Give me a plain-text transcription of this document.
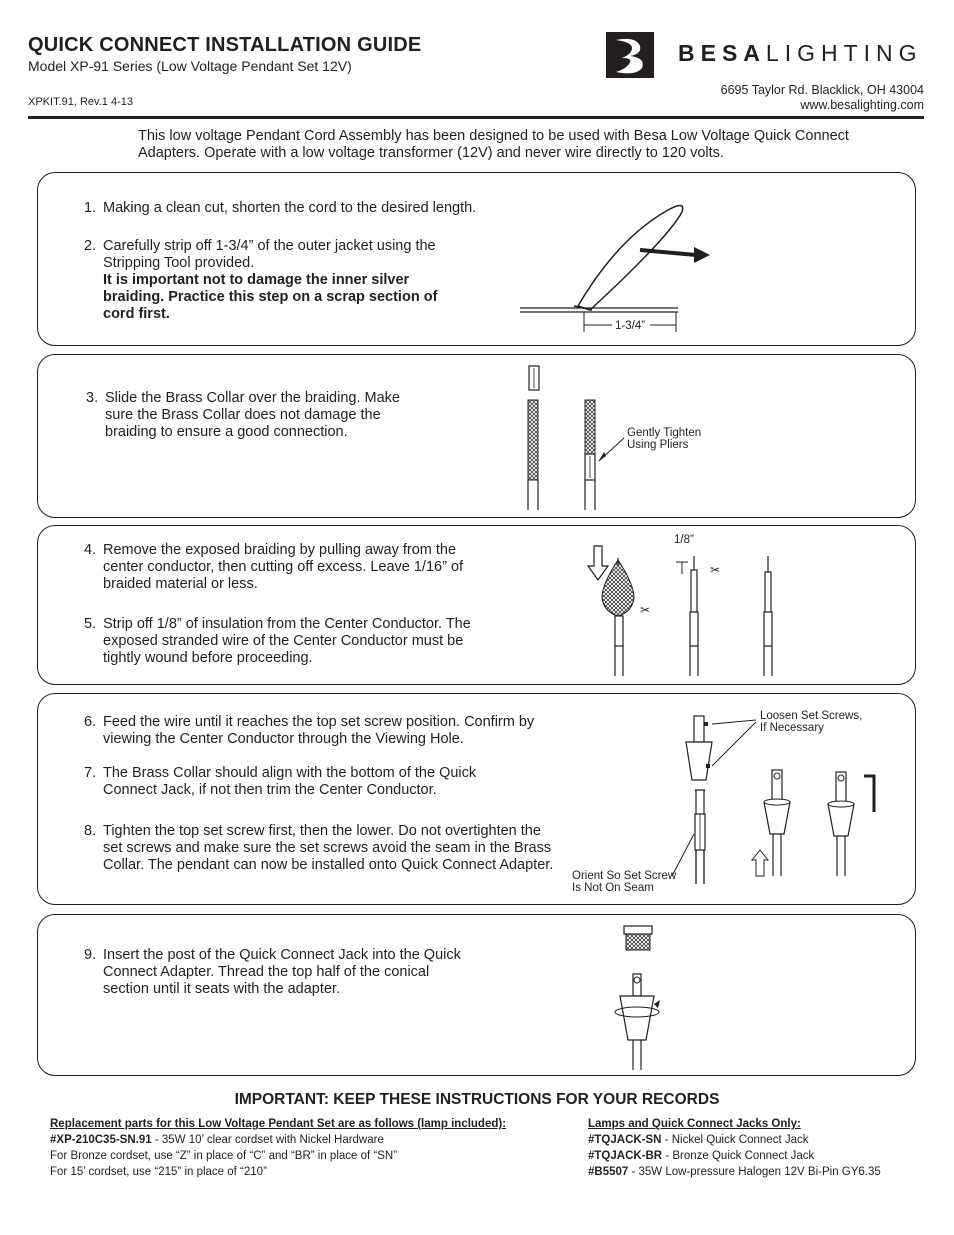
QUICK CONNECT INSTALLATION GUIDE
Model XP-91 Series (Low Voltage Pendant Set 12V)
XPKIT.91, Rev.1 4-13
BESALIGHTING
6695 Taylor Rd. Blacklick, OH 43004
www.besalighting.com
This low voltage Pendant Cord Assembly has been designed to be used with Besa Low Voltage Quick Connect Adapters. Operate with a low voltage transformer (12V) and never wire directly to 120 volts.
1. Making a clean cut, shorten the cord to the desired length.
2. Carefully strip off 1-3/4” of the outer jacket using the Stripping Tool provided.
It is important not to damage the inner silver braiding. Practice this step on a scrap section of cord first.
1-3/4”
3. Slide the Brass Collar over the braiding. Make sure the Brass Collar does not damage the braiding to ensure a good connection.	Gently Tighten
Using Pliers
4. Remove the exposed braiding by pulling away from the center conductor, then cutting off excess. Leave 1/16” of braided material or less.
5. Strip off 1/8” of insulation from the Center Conductor. The exposed stranded wire of the Center Conductor must be tightly wound before proceeding.
✂
✂
1/8”
6. Feed the wire until it reaches the top set screw position. Confirm by viewing the Center Conductor through the Viewing Hole.
7. The Brass Collar should align with the bottom of the Quick Connect Jack, if not then trim the Center Conductor.
8. Tighten the top set screw first, then the lower. Do not overtighten the set screws and make sure the set screws avoid the seam in the Brass Collar. The pendant can now be installed onto Quick Connect Adapter.
Loosen Set Screws,
If Necessary
Orient So Set Screw
Is Not On Seam
9. Insert the post of the Quick Connect Jack into the Quick Connect Adapter. Thread the top half of the conical section until it seats with the adapter.
IMPORTANT: KEEP THESE INSTRUCTIONS FOR YOUR RECORDS
Replacement parts for this Low Voltage Pendant Set are as follows (lamp included):
#XP-210C35-SN.91 - 35W 10’ clear cordset with Nickel Hardware
For Bronze cordset, use “Z” in place of “C” and “BR” in place of “SN”
For 15’ cordset, use “215” in place of “210”
Lamps and Quick Connect Jacks Only:
#TQJACK-SN - Nickel Quick Connect Jack
#TQJACK-BR - Bronze Quick Connect Jack
#B5507 - 35W Low-pressure Halogen 12V Bi-Pin GY6.35
